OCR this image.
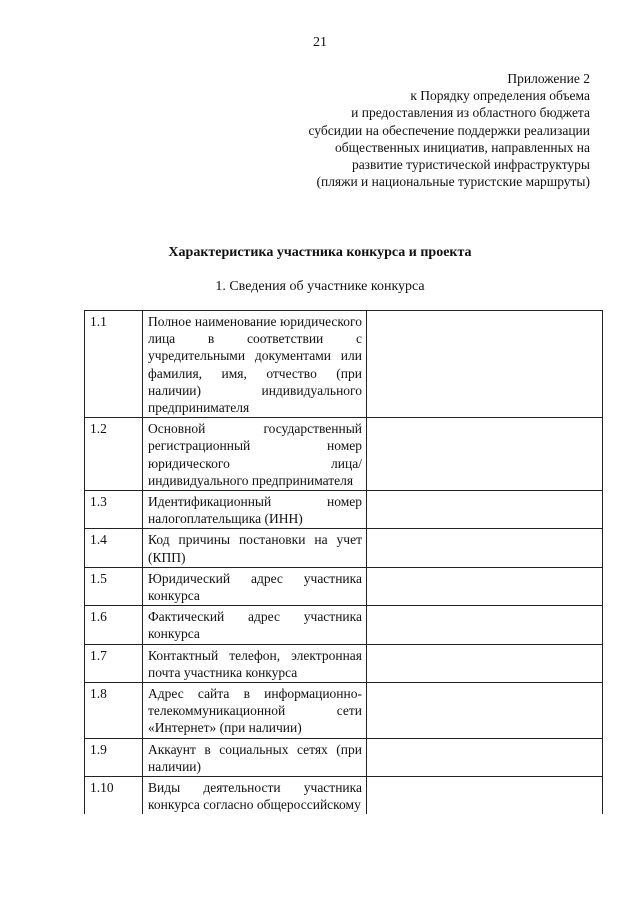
21
Приложение 2
к Порядку определения объема
и предоставления из областного бюджета
субсидии на обеспечение поддержки реализации
общественных инициатив, направленных на
развитие туристической инфраструктуры
(пляжи и национальные туристские маршруты)
Характеристика участника конкурса и проекта
1. Сведения об участнике конкурса
1.1	Полное наименование юридического лица в соответствии с учредительными документами или фамилия, имя, отчество (при наличии) индивидуального предпринимателя	
1.2	Основной государственный регистрационный номер юридического лица/ индивидуального предпринимателя	
1.3	Идентификационный номер налогоплательщика (ИНН)	
1.4	Код причины постановки на учет (КПП)	
1.5	Юридический адрес участника конкурса	
1.6	Фактический адрес участника конкурса	
1.7	Контактный телефон, электронная почта участника конкурса	
1.8	Адрес сайта в информационно-телекоммуникационной сети «Интернет» (при наличии)	
1.9	Аккаунт в социальных сетях (при наличии)	
1.10	Виды деятельности участника конкурса согласно общероссийскому	
